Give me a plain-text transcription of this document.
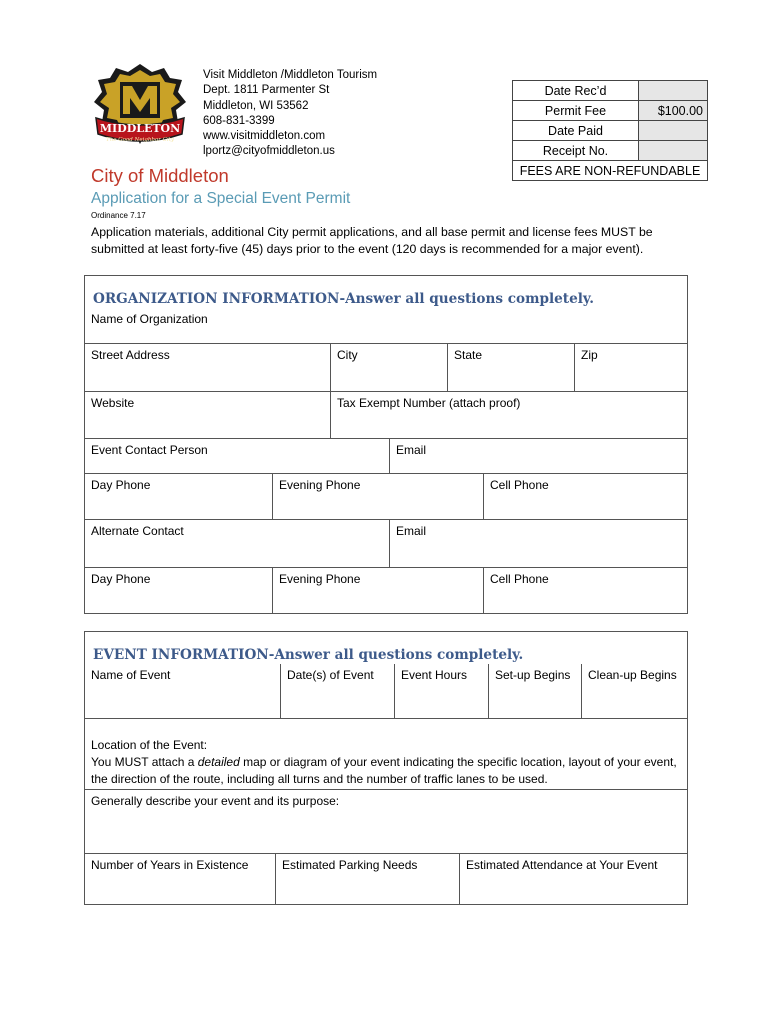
MIDDLETON
The Good Neighbor City
Visit Middleton /Middleton Tourism
Dept. 1811 Parmenter St
Middleton, WI 53562
608-831-3399
www.visitmiddleton.com
lportz@cityofmiddleton.us
Date Rec’d	
Permit Fee	$100.00
Date Paid	
Receipt No.	
FEES ARE NON-REFUNDABLE	
City of Middleton
Application for a Special Event Permit
Ordinance 7.17
Application materials, additional City permit applications, and all base permit and license fees MUST be submitted at least forty-five (45) days prior to the event (120 days is recommended for a major event).
ORGANIZATION INFORMATION-Answer all questions completely.
Name of Organization
Street Address	City	State	Zip
Website	Tax Exempt Number (attach proof)
Event Contact Person	Email
Day Phone	Evening Phone	Cell Phone
Alternate Contact	Email
Day Phone	Evening Phone	Cell Phone
EVENT INFORMATION-Answer all questions completely.
Name of Event	Date(s) of Event	Event Hours	Set-up Begins	Clean-up Begins
Location of the Event:
You MUST attach a detailed map or diagram of your event indicating the specific location, layout of your event, the direction of the route, including all turns and the number of traffic lanes to be used.
Generally describe your event and its purpose:
Number of Years in Existence	Estimated Parking Needs	Estimated Attendance at Your Event
